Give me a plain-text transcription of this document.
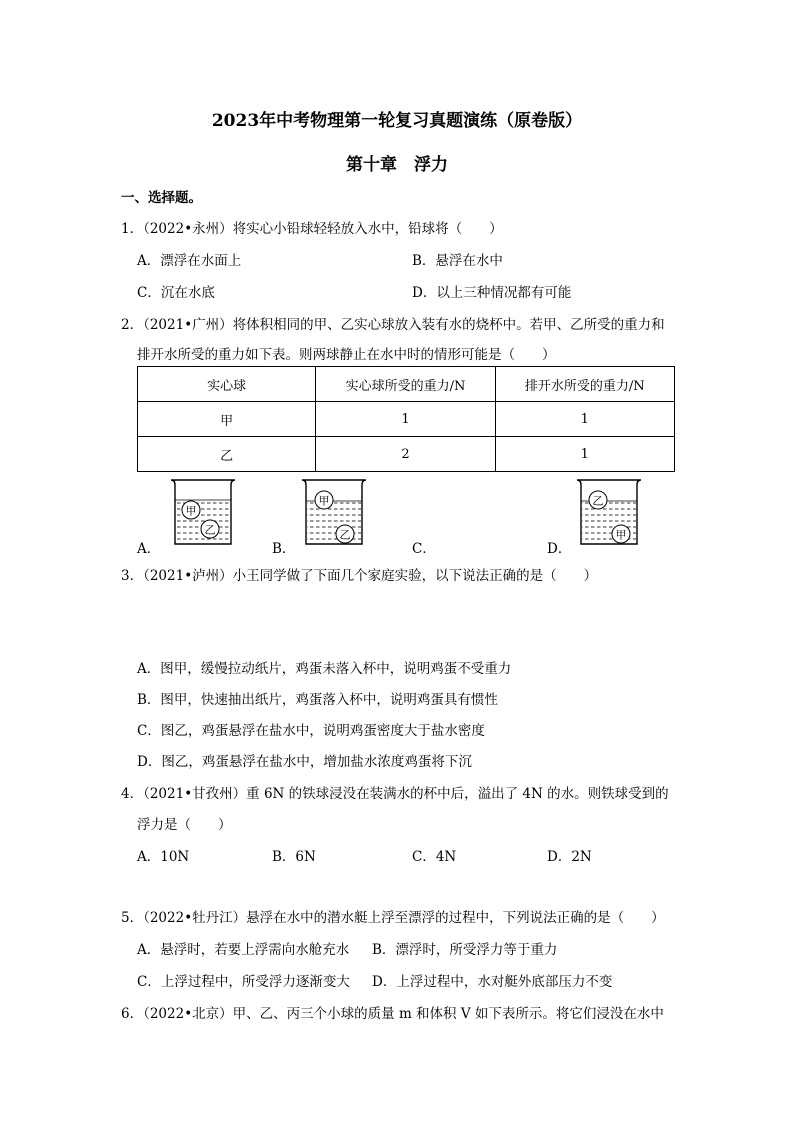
2023年中考物理第一轮复习真题演练（原卷版）
第十章　浮力
一、选择题。
1．（2022•永州）将实心小铅球轻轻放入水中，铅球将（　　）
A．漂浮在水面上	B．悬浮在水中
C．沉在水底	D．以上三种情况都有可能
2．（2021•广州）将体积相同的甲、乙实心球放入装有水的烧杯中。若甲、乙所受的重力和
排开水所受的重力如下表。则两球静止在水中时的情形可能是（　　）
实心球	实心球所受的重力/N	排开水所受的重力/N
甲	1	1
乙	2	1
甲
乙
A．
甲
乙
B．	C．
乙
甲
D．
3．（2021•泸州）小王同学做了下面几个家庭实验，以下说法正确的是（　　）
A．图甲，缓慢拉动纸片，鸡蛋未落入杯中，说明鸡蛋不受重力
B．图甲，快速抽出纸片，鸡蛋落入杯中，说明鸡蛋具有惯性
C．图乙，鸡蛋悬浮在盐水中，说明鸡蛋密度大于盐水密度
D．图乙，鸡蛋悬浮在盐水中，增加盐水浓度鸡蛋将下沉
4．（2021•甘孜州）重 6N 的铁球浸没在装满水的杯中后，溢出了 4N 的水。则铁球受到的
浮力是（　　）
A．10N	B．6N	C．4N	D．2N
5．（2022•牡丹江）悬浮在水中的潜水艇上浮至漂浮的过程中，下列说法正确的是（　　）
A．悬浮时，若要上浮需向水舱充水 B．漂浮时，所受浮力等于重力
C．上浮过程中，所受浮力逐渐变大 D．上浮过程中，水对艇外底部压力不变
6．（2022•北京）甲、乙、丙三个小球的质量 m 和体积 V 如下表所示。将它们浸没在水中
